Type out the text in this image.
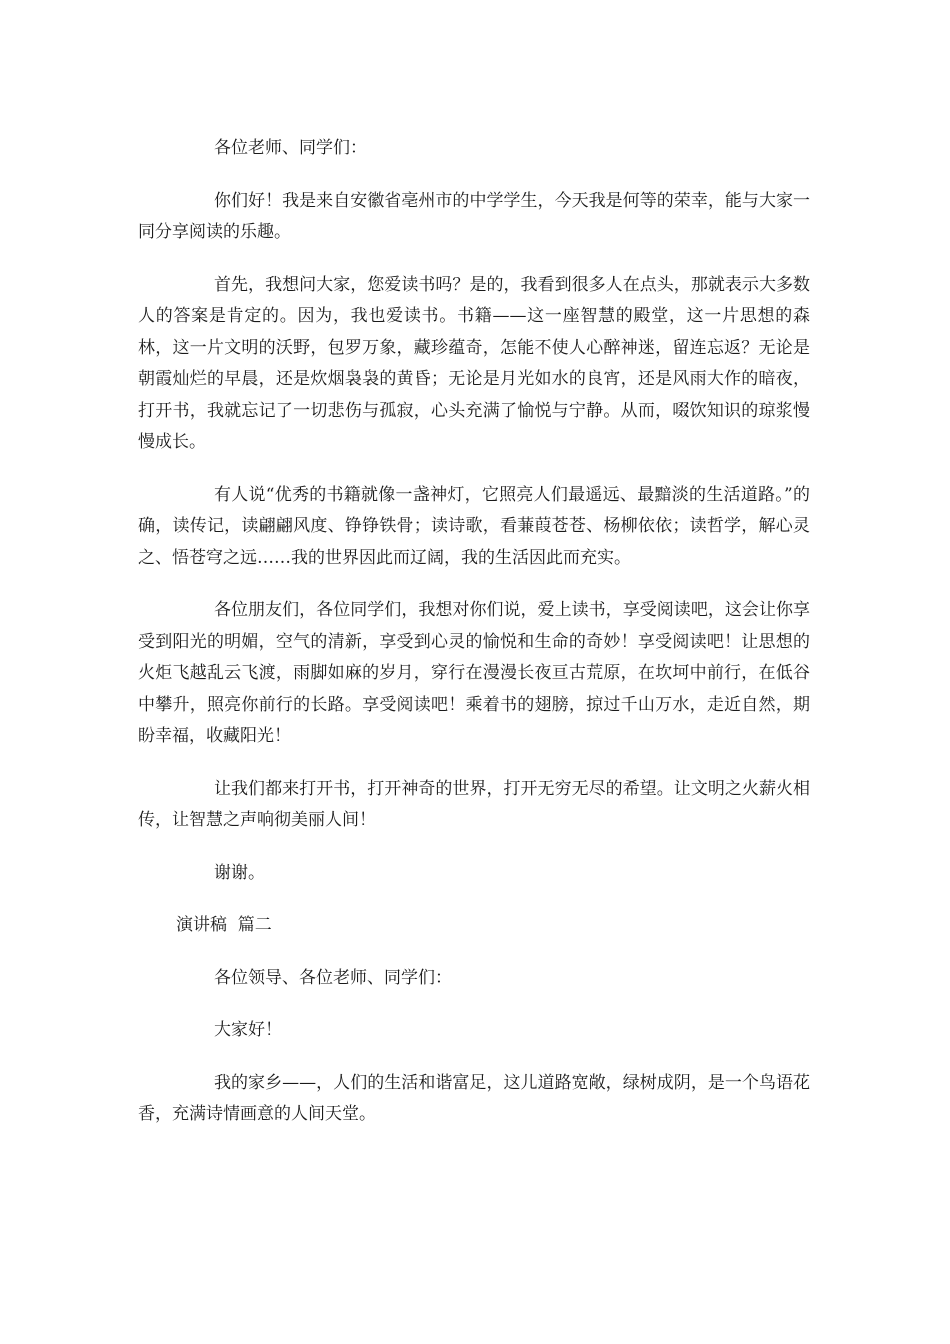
各位老师、同学们：

你们好！我是来自安徽省亳州市的中学学生，今天我是何等的荣幸，能与大家一同分享阅读的乐趣。

首先，我想问大家，您爱读书吗？是的，我看到很多人在点头，那就表示大多数人的答案是肯定的。因为，我也爱读书。书籍——这一座智慧的殿堂，这一片思想的森林，这一片文明的沃野，包罗万象，藏珍蕴奇，怎能不使人心醉神迷，留连忘返？无论是朝霞灿烂的早晨，还是炊烟袅袅的黄昏；无论是月光如水的良宵，还是风雨大作的暗夜，打开书，我就忘记了一切悲伤与孤寂，心头充满了愉悦与宁静。从而，啜饮知识的琼浆慢慢成长。

有人说“优秀的书籍就像一盏神灯，它照亮人们最遥远、最黯淡的生活道路。”的确，读传记，读翩翩风度、铮铮铁骨；读诗歌，看蒹葭苍苍、杨柳依依；读哲学，解心灵之、悟苍穹之远……我的世界因此而辽阔，我的生活因此而充实。

各位朋友们，各位同学们，我想对你们说，爱上读书，享受阅读吧，这会让你享受到阳光的明媚，空气的清新，享受到心灵的愉悦和生命的奇妙！享受阅读吧！让思想的火炬飞越乱云飞渡，雨脚如麻的岁月，穿行在漫漫长夜亘古荒原，在坎坷中前行，在低谷中攀升，照亮你前行的长路。享受阅读吧！乘着书的翅膀，掠过千山万水，走近自然，期盼幸福，收藏阳光！

让我们都来打开书，打开神奇的世界，打开无穷无尽的希望。让文明之火薪火相传，让智慧之声响彻美丽人间！

谢谢。

演讲稿  篇二

各位领导、各位老师、同学们：

大家好！

我的家乡——，人们的生活和谐富足，这儿道路宽敞，绿树成阴，是一个鸟语花香，充满诗情画意的人间天堂。
